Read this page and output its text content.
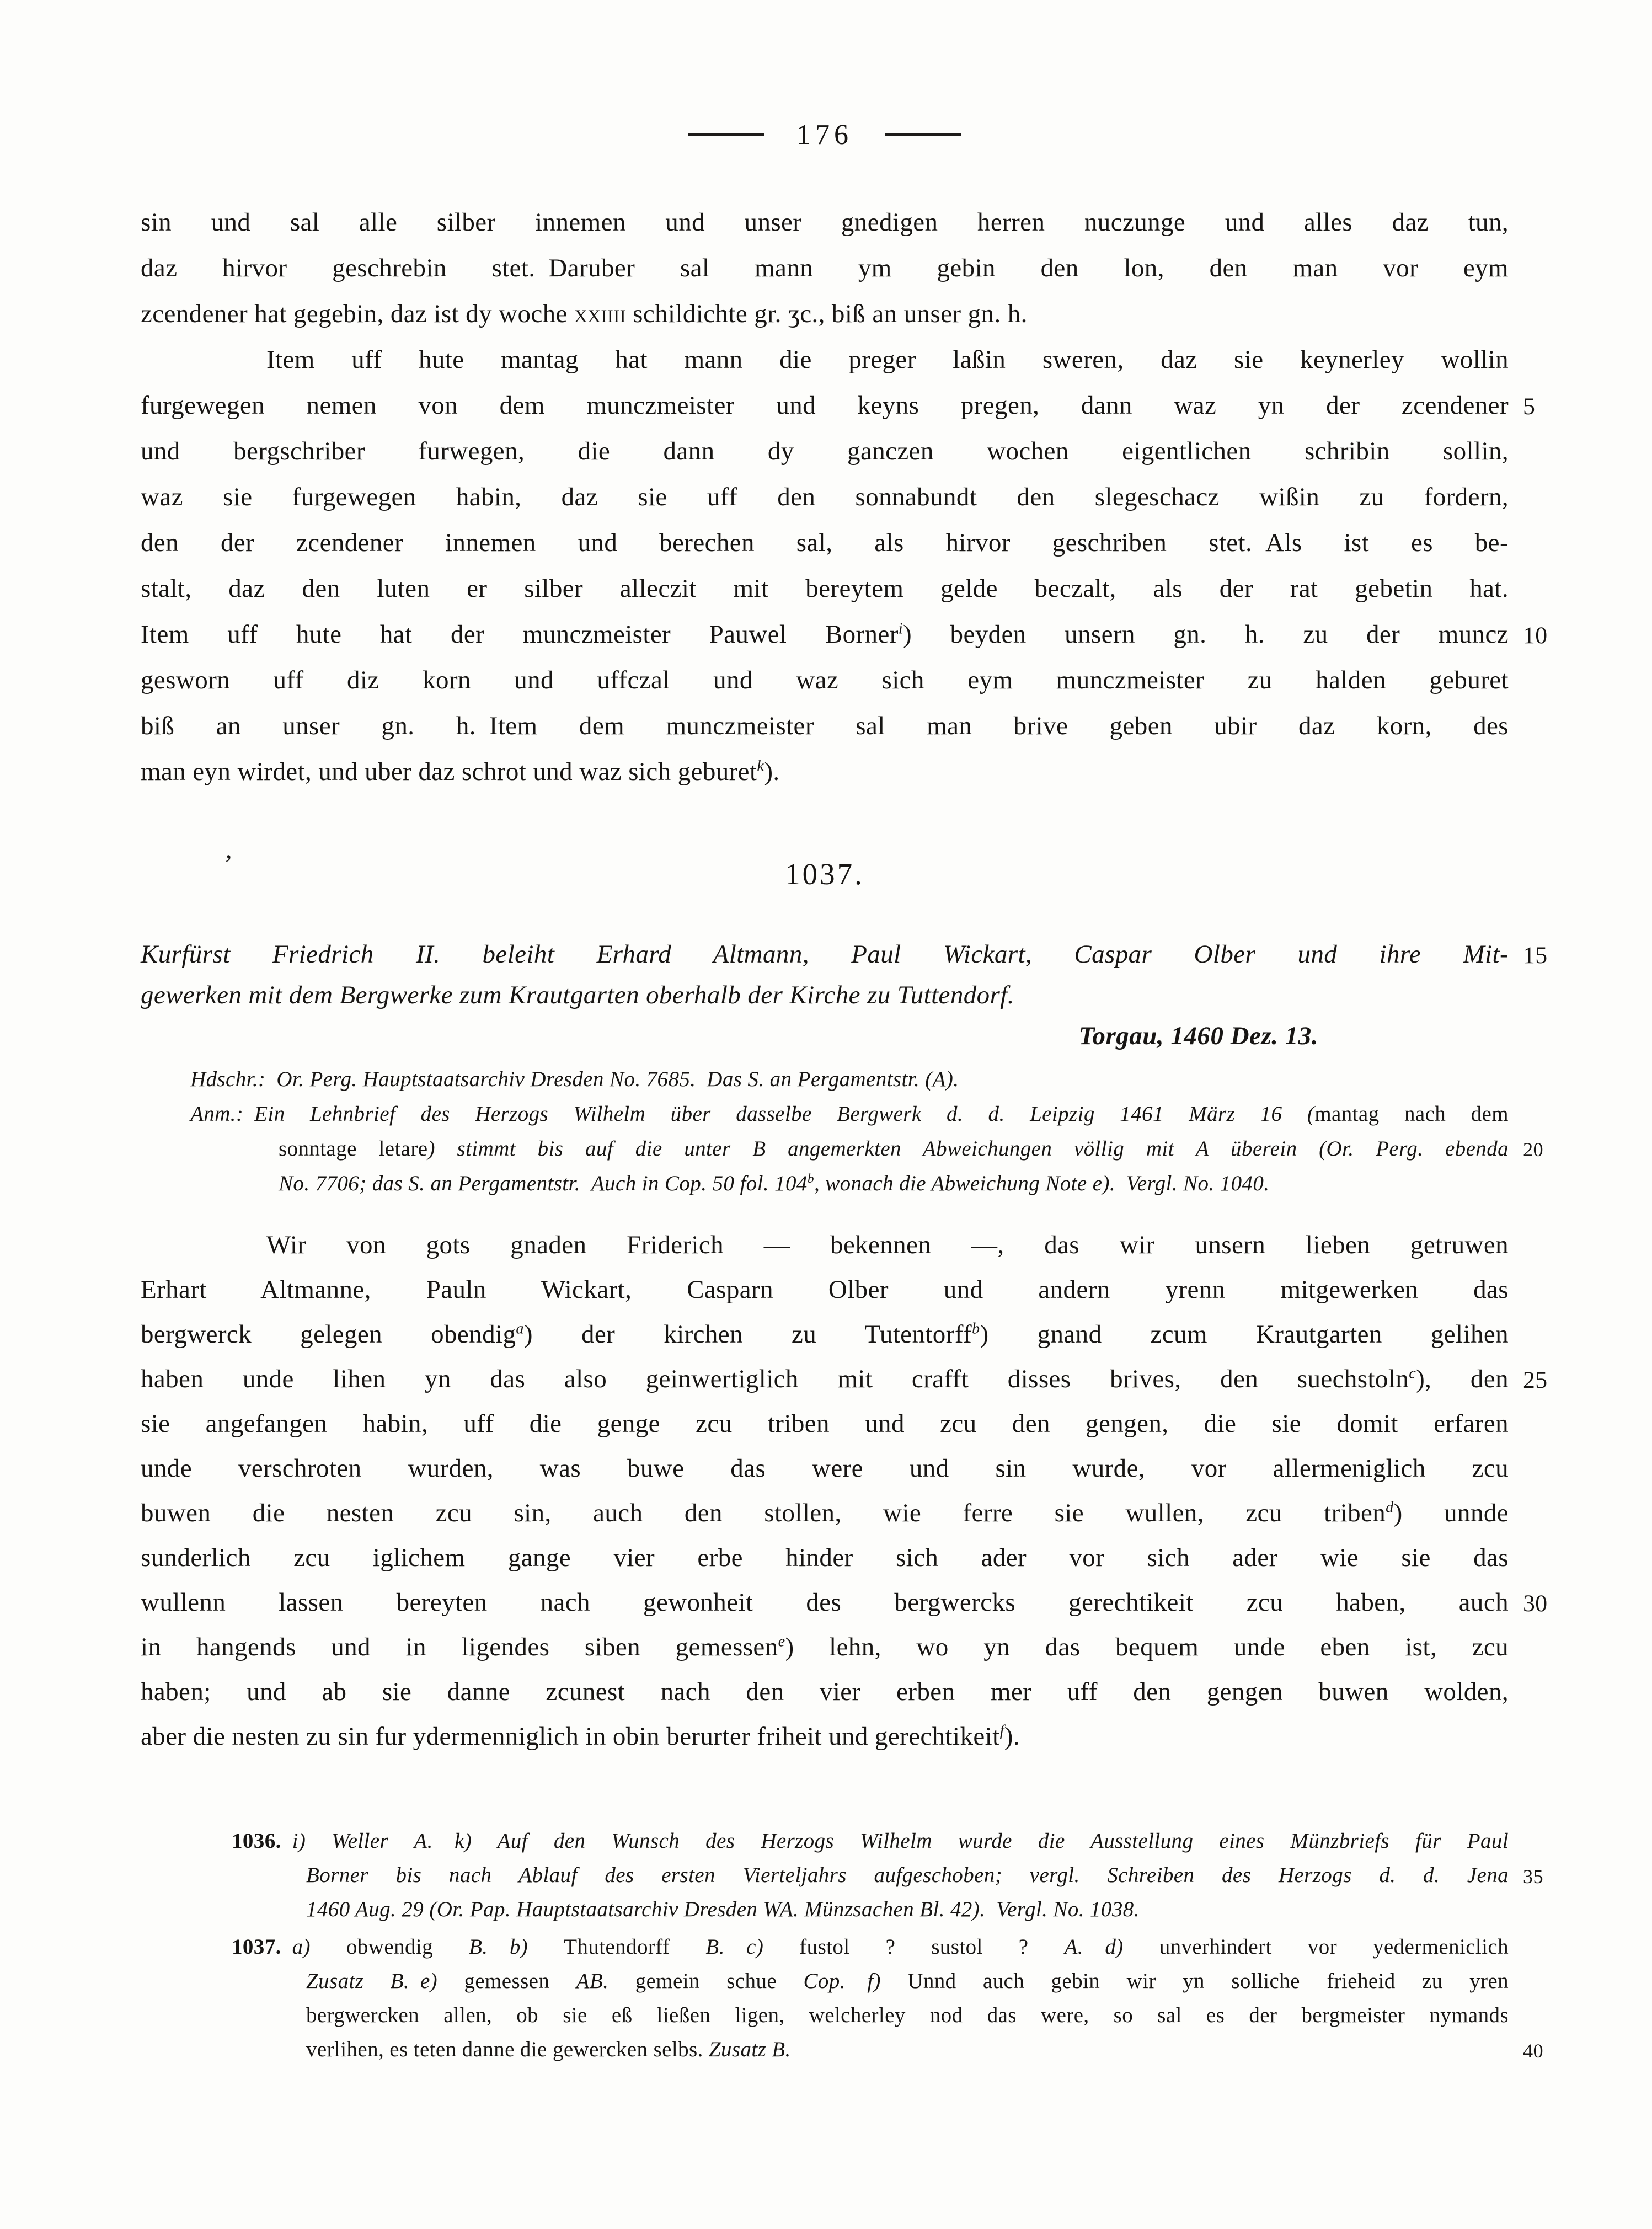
176
sin und sal alle silber innemen und unser gnedigen herren nuczunge und alles daz tun,
daz hirvor geschrebin stet. Daruber sal mann ym gebin den lon, den man vor eym
zcendener hat gegebin, daz ist dy woche xxiiii schildichte gr. ʒc., biß an unser gn. h.
Item uff hute mantag hat mann die preger laßin sweren, daz sie keynerley wollin
5
furgewegen nemen von dem munczmeister und keyns pregen, dann waz yn der zcendener
und bergschriber furwegen, die dann dy ganczen wochen eigentlichen schribin sollin,
waz sie furgewegen habin, daz sie uff den sonnabundt den slegeschacz wißin zu fordern,
den der zcendener innemen und berechen sal, als hirvor geschriben stet. Als ist es be-
stalt, daz den luten er silber alleczit mit bereytem gelde beczalt, als der rat gebetin hat.
10
Item uff hute hat der munczmeister Pauwel Borner$^i$) beyden unsern gn. h. zu der muncz
gesworn uff diz korn und uffczal und waz sich eym munczmeister zu halden geburet
biß an unser gn. h. Item dem munczmeister sal man brive geben ubir daz korn, des
man eyn wirdet, und uber daz schrot und waz sich geburet$^k$).
’	1037.
15
Kurfürst Friedrich II. beleiht Erhard Altmann, Paul Wickart, Caspar Olber und ihre Mit-
gewerken mit dem Bergwerke zum Krautgarten oberhalb der Kirche zu Tuttendorf.
Torgau, 1460 Dez. 13.
Hdschr.: Or. Perg. Hauptstaatsarchiv Dresden No. 7685. Das S. an Pergamentstr. (A).
Anm.: Ein Lehnbrief des Herzogs Wilhelm über dasselbe Bergwerk d. d. Leipzig 1461 März 16 (mantag nach dem
20
sonntage letare) stimmt bis auf die unter B angemerkten Abweichungen völlig mit A überein (Or. Perg. ebenda
No. 7706; das S. an Pergamentstr. Auch in Cop. 50 fol. 104$^b$, wonach die Abweichung Note e). Vergl. No. 1040.
Wir von gots gnaden Friderich — bekennen —, das wir unsern lieben getruwen
Erhart Altmanne, Pauln Wickart, Casparn Olber und andern yrenn mitgewerken das
bergwerck gelegen obendig$^a$) der kirchen zu Tutentorff$^b$) gnand zcum Krautgarten gelihen
25
haben unde lihen yn das also geinwertiglich mit crafft disses brives, den suechstoln$^c$), den
sie angefangen habin, uff die genge zcu triben und zcu den gengen, die sie domit erfaren
unde verschroten wurden, was buwe das were und sin wurde, vor allermeniglich zcu
buwen die nesten zcu sin, auch den stollen, wie ferre sie wullen, zcu triben$^d$) unnde
sunderlich zcu iglichem gange vier erbe hinder sich ader vor sich ader wie sie das
30
wullenn lassen bereyten nach gewonheit des bergwercks gerechtikeit zcu haben, auch
in hangends und in ligendes siben gemessen$^e$) lehn, wo yn das bequem unde eben ist, zcu
haben; und ab sie danne zcunest nach den vier erben mer uff den gengen buwen wolden,
aber die nesten zu sin fur ydermenniglich in obin berurter friheit und gerechtikeit$^f$).
1036.  i) Weller A. k) Auf den Wunsch des Herzogs Wilhelm wurde die Ausstellung eines Münzbriefs für Paul
35
Borner bis nach Ablauf des ersten Vierteljahrs aufgeschoben; vergl. Schreiben des Herzogs d. d. Jena
1460 Aug. 29 (Or. Pap. Hauptstaatsarchiv Dresden WA. Münzsachen Bl. 42). Vergl. No. 1038.
1037.  a) obwendig B.  b) Thutendorff B.  c) fustol ? sustol ? A.  d) unverhindert vor yedermeniclich
Zusatz B.  e) gemessen AB. gemein schue Cop.  f) Unnd auch gebin wir yn solliche frieheid zu yren
bergwercken allen, ob sie eß ließen ligen, welcherley nod das were, so sal es der bergmeister nymands
40
verlihen, es teten danne die gewercken selbs. Zusatz B.
